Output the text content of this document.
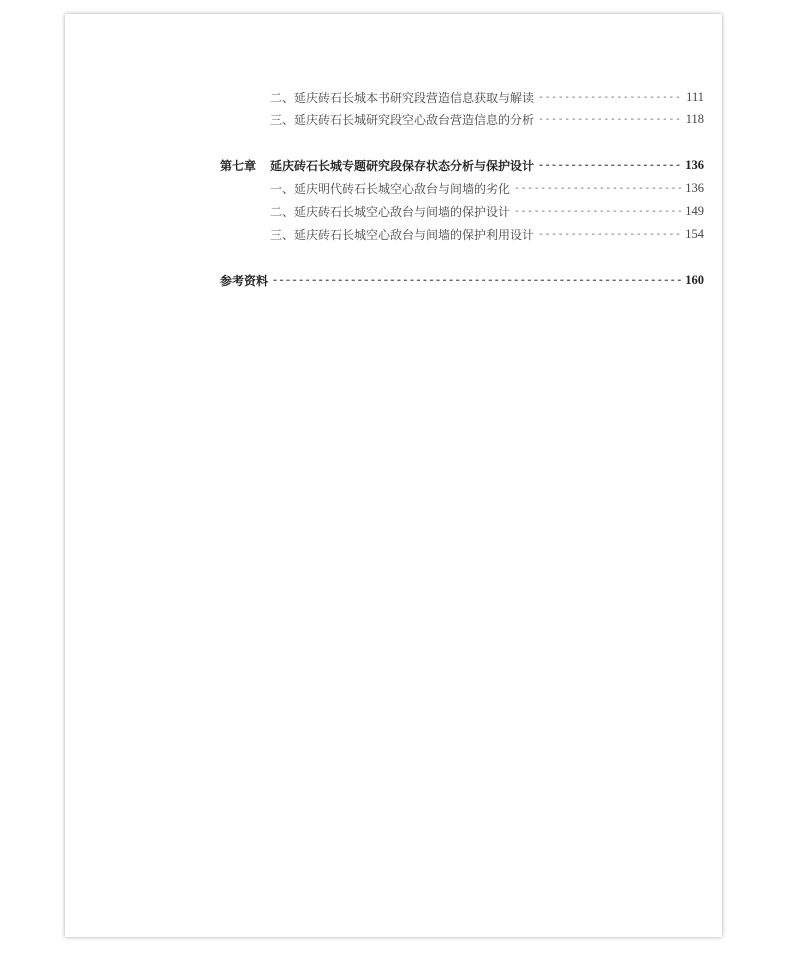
二、延庆砖石长城本书研究段营造信息获取与解读 -----	111
三、延庆砖石长城研究段空心敌台营造信息的分析 -----	118
第七章	延庆砖石长城专题研究段保存状态分析与保护设计 -----	136
一、延庆明代砖石长城空心敌台与间墙的劣化 -----	136
二、延庆砖石长城空心敌台与间墙的保护设计 -----	149
三、延庆砖石长城空心敌台与间墙的保护利用设计 -----	154
参考资料 -----	160
